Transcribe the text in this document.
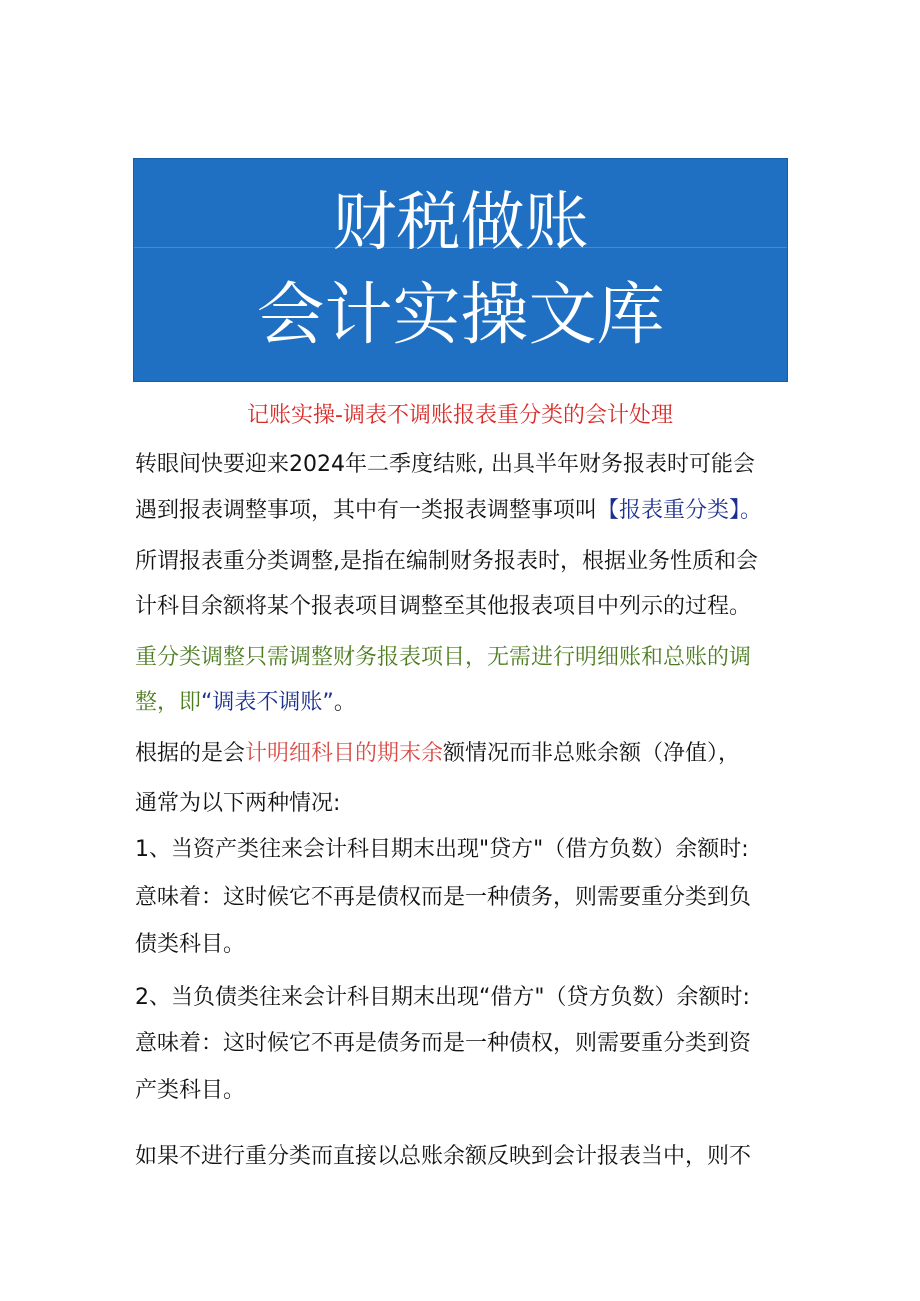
财税做账
会计实操文库
记账实操-调表不调账报表重分类的会计处理
转眼间快要迎来2024年二季度结账, 出具半年财务报表时可能会
遇到报表调整事项，其中有一类报表调整事项叫【报表重分类】。
所谓报表重分类调整,是指在编制财务报表时，根据业务性质和会
计科目余额将某个报表项目调整至其他报表项目中列示的过程。
重分类调整只需调整财务报表项目，无需进行明细账和总账的调
整，即“调表不调账”。
根据的是会计明细科目的期末余额情况而非总账余额（净值），
通常为以下两种情况:
1、当资产类往来会计科目期末出现"贷方"（借方负数）余额时:
意味着：这时候它不再是债权而是一种债务，则需要重分类到负
债类科目。
2、当负债类往来会计科目期末出现“借方"（贷方负数）余额时:
意味着：这时候它不再是债务而是一种债权，则需要重分类到资
产类科目。
如果不进行重分类而直接以总账余额反映到会计报表当中，则不
